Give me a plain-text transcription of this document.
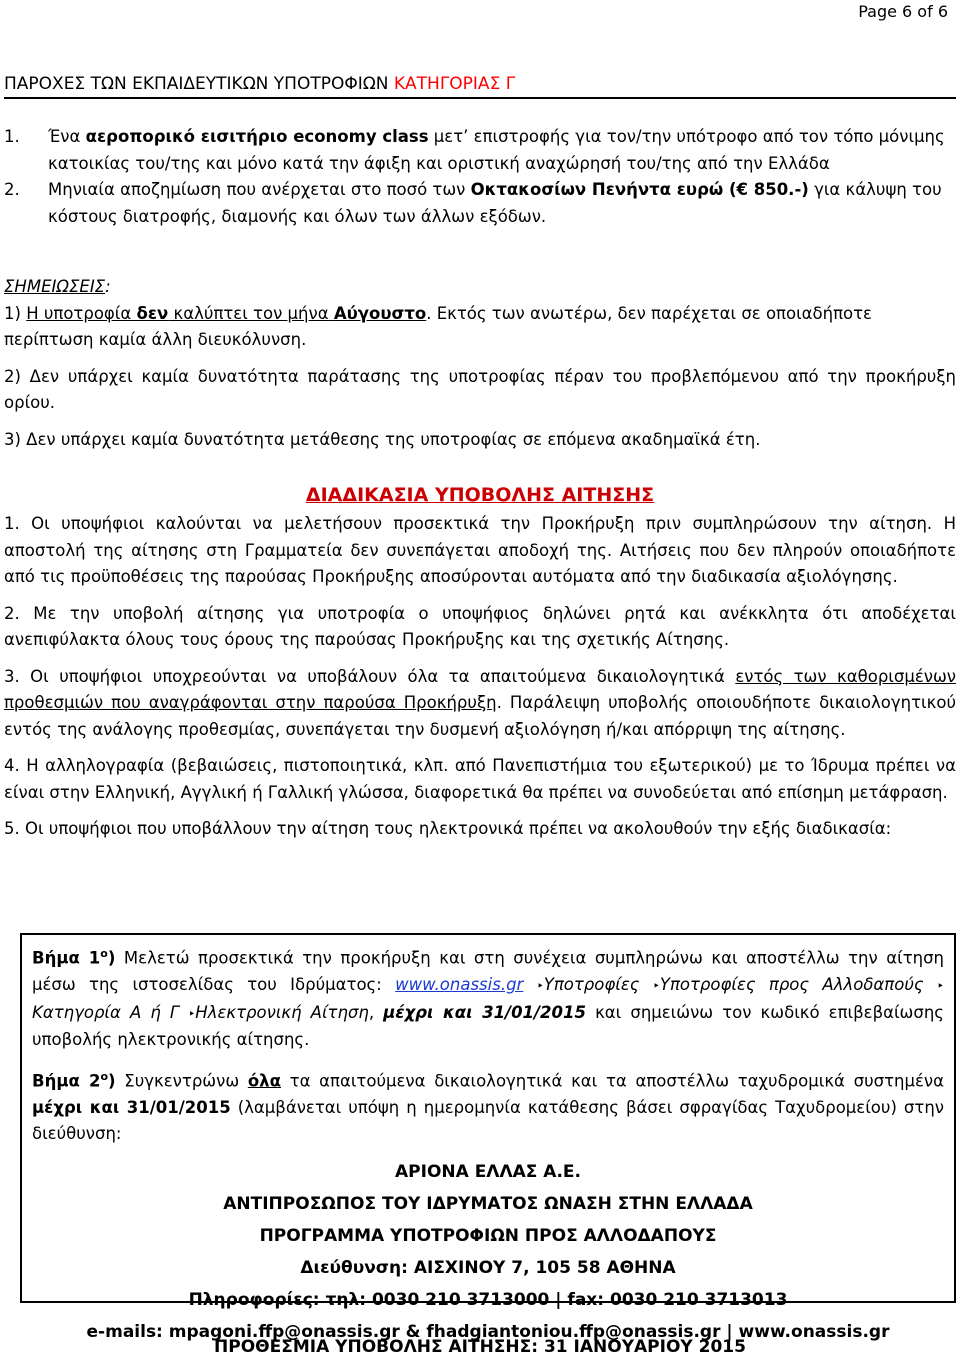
Page 6 of 6
ΠΑΡΟΧΕΣ ΤΩΝ ΕΚΠΑΙΔΕΥΤΙΚΩΝ ΥΠΟΤΡΟΦΙΩΝ ΚΑΤΗΓΟΡΙΑΣ Γ
1.	Ένα αεροπορικό εισιτήριο economy class μετ’ επιστροφής για τον/την υπότροφο από τον τόπο μόνιμης κατοικίας του/της και μόνο κατά την άφιξη και οριστική αναχώρησή του/της από την Ελλάδα
2.	Μηνιαία αποζημίωση που ανέρχεται στο ποσό των Οκτακοσίων Πενήντα ευρώ (€ 850.-) για κάλυψη του κόστους διατροφής, διαμονής και όλων των άλλων εξόδων.
ΣΗΜΕΙΩΣΕΙΣ:
1) Η υποτροφία δεν καλύπτει τον μήνα Αύγουστο. Εκτός των ανωτέρω, δεν παρέχεται σε οποιαδήποτε περίπτωση καμία άλλη διευκόλυνση.
2) Δεν υπάρχει καμία δυνατότητα παράτασης της υποτροφίας πέραν του προβλεπόμενου από την προκήρυξη ορίου.
3) Δεν υπάρχει καμία δυνατότητα μετάθεσης της υποτροφίας σε επόμενα ακαδημαϊκά έτη.
ΔΙΑΔΙΚΑΣΙΑ ΥΠΟΒΟΛΗΣ ΑΙΤΗΣΗΣ
1. Οι υποψήφιοι καλούνται να μελετήσουν προσεκτικά την Προκήρυξη πριν συμπληρώσουν την αίτηση. Η αποστολή της αίτησης στη Γραμματεία δεν συνεπάγεται αποδοχή της. Αιτήσεις που δεν πληρούν οποιαδήποτε από τις προϋποθέσεις της παρούσας Προκήρυξης αποσύρονται αυτόματα από την διαδικασία αξιολόγησης.
2. Με την υποβολή αίτησης για υποτροφία ο υποψήφιος δηλώνει ρητά και ανέκκλητα ότι αποδέχεται ανεπιφύλακτα όλους τους όρους της παρούσας Προκήρυξης και της σχετικής Αίτησης.
3. Οι υποψήφιοι υποχρεούνται να υποβάλουν όλα τα απαιτούμενα δικαιολογητικά εντός των καθορισμένων προθεσμιών που αναγράφονται στην παρούσα Προκήρυξη. Παράλειψη υποβολής οποιουδήποτε δικαιολογητικού εντός της ανάλογης προθεσμίας, συνεπάγεται την δυσμενή αξιολόγηση ή/και απόρριψη της αίτησης.
4. Η αλληλογραφία (βεβαιώσεις, πιστοποιητικά, κλπ. από Πανεπιστήμια του εξωτερικού) με το Ίδρυμα πρέπει να είναι στην Ελληνική, Αγγλική ή Γαλλική γλώσσα, διαφορετικά θα πρέπει να συνοδεύεται από επίσημη μετάφραση.
5. Οι υποψήφιοι που υποβάλλουν την αίτηση τους ηλεκτρονικά πρέπει να ακολουθούν την εξής διαδικασία:
Βήμα $1^o$) Μελετώ προσεκτικά την προκήρυξη και στη συνέχεια συμπληρώνω και αποστέλλω την αίτηση μέσω της ιστοσελίδας του Ιδρύματος: www.onassis.gr ‣Υποτροφίες ‣Υποτροφίες προς Αλλοδαπούς ‣ Κατηγορία Α ή Γ ‣Ηλεκτρονική Αίτηση, μέχρι και 31/01/2015 και σημειώνω τον κωδικό επιβεβαίωσης υποβολής ηλεκτρονικής αίτησης.
Βήμα $2^o$) Συγκεντρώνω όλα τα απαιτούμενα δικαιολογητικά και τα αποστέλλω ταχυδρομικά συστημένα μέχρι και 31/01/2015 (λαμβάνεται υπόψη η ημερομηνία κατάθεσης βάσει σφραγίδας Ταχυδρομείου) στην διεύθυνση:
ΑΡΙΟΝΑ ΕΛΛΑΣ Α.Ε.
ΑΝΤΙΠΡΟΣΩΠΟΣ ΤΟΥ ΙΔΡΥΜΑΤΟΣ ΩΝΑΣΗ ΣΤΗΝ ΕΛΛΑΔΑ
ΠΡΟΓΡΑΜΜΑ ΥΠΟΤΡΟΦΙΩΝ ΠΡΟΣ ΑΛΛΟΔΑΠΟΥΣ
Διεύθυνση: ΑΙΣΧΙΝΟΥ 7, 105 58 ΑΘΗΝΑ
Πληροφορίες: τηλ: 0030 210 3713000 | fax: 0030 210 3713013
e-mails: mpagoni.ffp@onassis.gr & fhadgiantoniou.ffp@onassis.gr | www.onassis.gr
ΠΡΟΘΕΣΜΙΑ ΥΠΟΒΟΛΗΣ ΑΙΤΗΣΗΣ: 31 ΙΑΝΟΥΑΡΙΟΥ 2015
